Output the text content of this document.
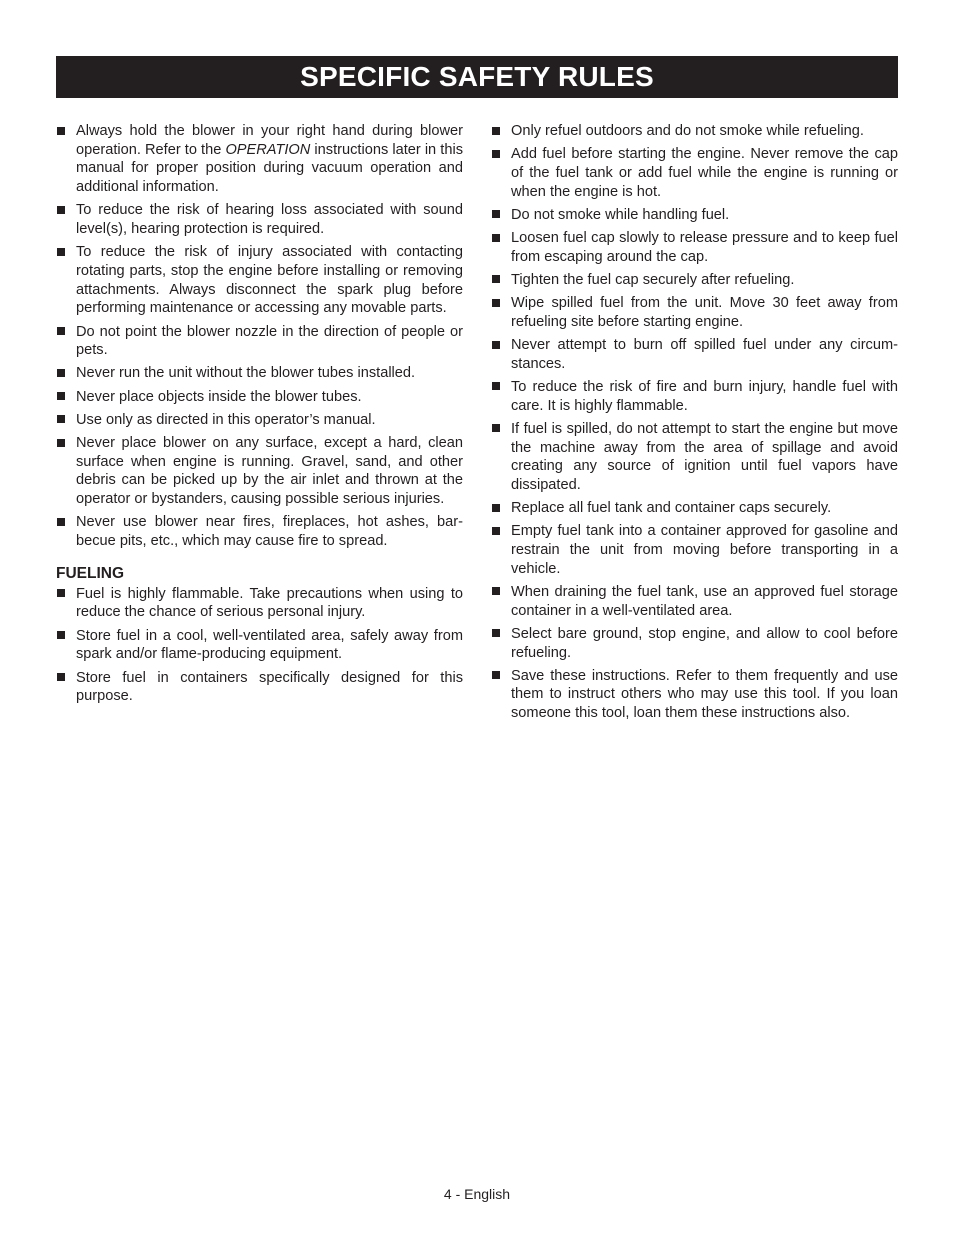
SPECIFIC SAFETY RULES
Always hold the blower in your right hand during blower operation. Refer to the OPERATION instructions later in this manual for proper position during vacuum operation and additional information.
To reduce the risk of hearing loss associated with sound level(s), hearing protection is required.
To reduce the risk of injury associated with contacting rotating parts, stop the engine before installing or removing attachments. Always disconnect the spark plug before performing maintenance or accessing any movable parts.
Do not point the blower nozzle in the direction of people or pets.
Never run the unit without the blower tubes installed.
Never place objects inside the blower tubes.
Use only as directed in this operator’s manual.
Never place blower on any surface, except a hard, clean surface when engine is running. Gravel, sand, and other debris can be picked up by the air inlet and thrown at the operator or bystanders, causing possible serious injuries.
Never use blower near fires, fireplaces, hot ashes, bar-becue pits, etc., which may cause fire to spread.
FUELING
Fuel is highly flammable. Take precautions when using to reduce the chance of serious personal injury.
Store fuel in a cool, well-ventilated area, safely away from spark and/or flame-producing equipment.
Store fuel in containers specifically designed for this purpose.
Only refuel outdoors and do not smoke while refueling.
Add fuel before starting the engine. Never remove the cap of the fuel tank or add fuel while the engine is running or when the engine is hot.
Do not smoke while handling fuel.
Loosen fuel cap slowly to release pressure and to keep fuel from escaping around the cap.
Tighten the fuel cap securely after refueling.
Wipe spilled fuel from the unit. Move 30 feet away from refueling site before starting engine.
Never attempt to burn off spilled fuel under any circum-stances.
To reduce the risk of fire and burn injury, handle fuel with care. It is highly flammable.
If fuel is spilled, do not attempt to start the engine but move the machine away from the area of spillage and avoid creating any source of ignition until fuel vapors have dissipated.
Replace all fuel tank and container caps securely.
Empty fuel tank into a container approved for gasoline and restrain the unit from moving before transporting in a vehicle.
When draining the fuel tank, use an approved fuel storage container in a well-ventilated area.
Select bare ground, stop engine, and allow to cool before refueling.
Save these instructions. Refer to them frequently and use them to instruct others who may use this tool. If you loan someone this tool, loan them these instructions also.
4 - English
